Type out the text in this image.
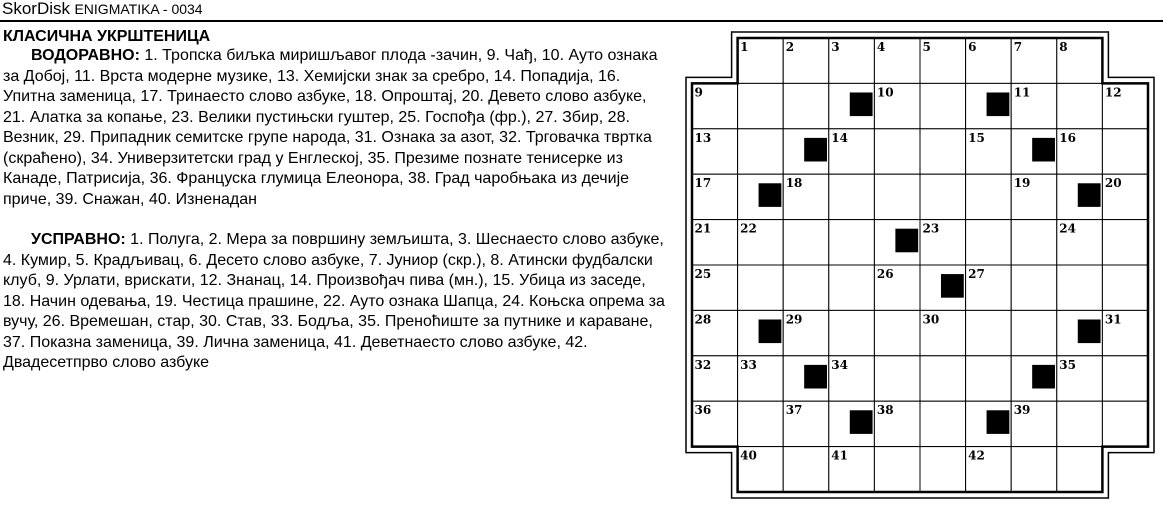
SkorDisk ENIGMATIKA - 0034
КЛАСИЧНА УКРШТЕНИЦА

ВОДОРАВНО: 1. Тропска биљка миришљавог плода -зачин, 9. Чађ, 10. Ауто ознака за Добој, 11. Врста модерне музике, 13. Хемијски знак за сребро, 14. Попадија, 16. Упитна заменица, 17. Тринаесто слово азбуке, 18. Опроштај, 20. Девето слово азбуке, 21. Алатка за копање, 23. Велики пустињски гуштер, 25. Госпођа (фр.), 27. Збир, 28. Везник, 29. Припадник семитске групе народа, 31. Ознака за азот, 32. Трговачка твртка (скраћено), 34. Универзитетски град у Енглеској, 35. Презиме познате тенисерке из Канаде, Патрисија, 36. Француска глумица Елеонора, 38. Град чаробњака из дечије приче, 39. Снажан, 40. Изненадан

УСПРАВНО: 1. Полуга, 2. Мера за површину земљишта, 3. Шеснаесто слово азбуке, 4. Кумир, 5. Крадљивац, 6. Десето слово азбуке, 7. Јуниор (скр.), 8. Атински фудбалски клуб, 9. Урлати, врискати, 12. Знанац, 14. Произвођач пива (мн.), 15. Убица из заседе, 18. Начин одевања, 19. Честица прашине, 22. Ауто ознака Шапца, 24. Коњска опрема за вучу, 26. Времешан, стар, 30. Став, 33. Бодља, 35. Преноћиште за путнике и караване, 37. Показна заменица, 39. Лична заменица, 41. Деветнаесто слово азбуке, 42. Двадесетпрво слово азбуке

1	2	3	4	5	6	7	8
9	10	11	12
13	14	15	16
17	18	19	20
21 22	23	24
25	26	27
28	29	30	31
32 33	34	35
36	37	38	39
40	41	42
